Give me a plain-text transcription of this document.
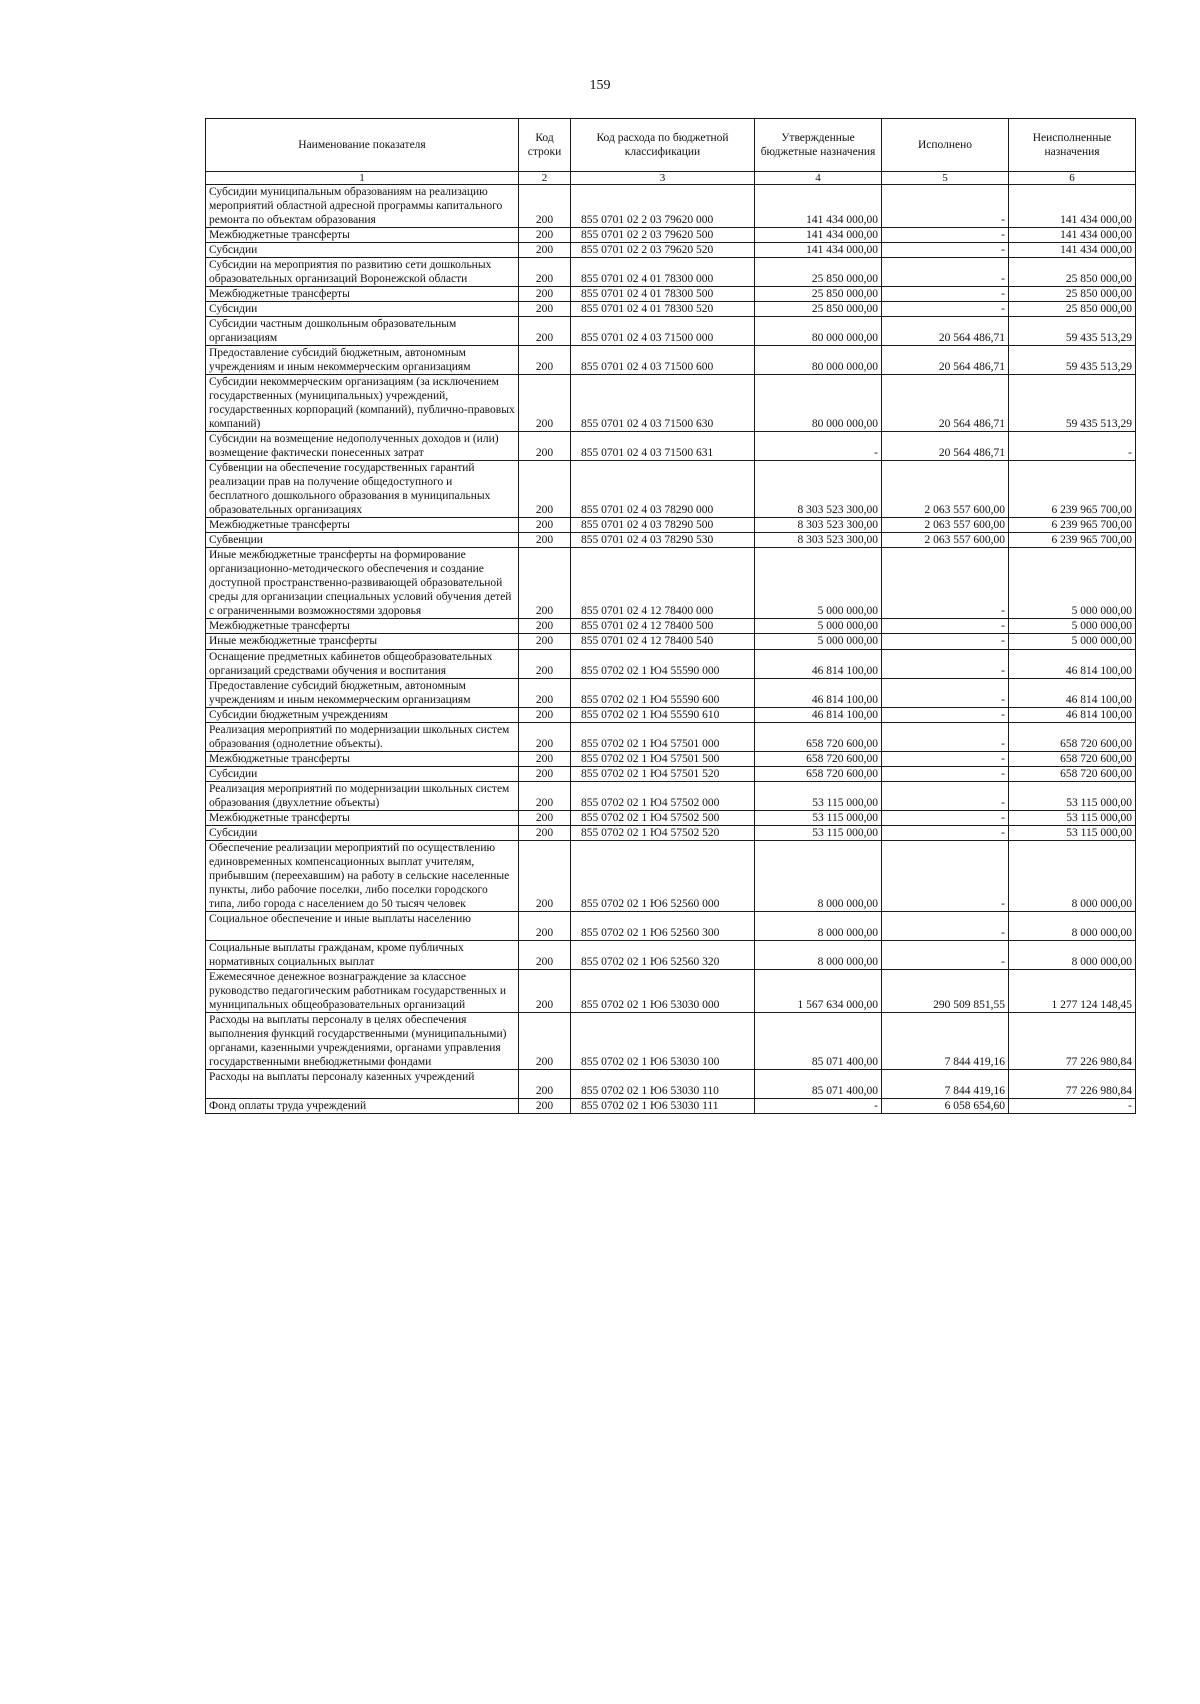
159
Наименование показателя	Код строки	Код расхода по бюджетной классификации	Утвержденные бюджетные назначения	Исполнено	Неисполненные назначения
1	2	3	4	5	6
Субсидии муниципальным образованиям на реализацию мероприятий областной адресной программы капитального ремонта по объектам образования	200	855 0701 02 2 03 79620 000	141 434 000,00	-	141 434 000,00
Межбюджетные трансферты	200	855 0701 02 2 03 79620 500	141 434 000,00	-	141 434 000,00
Субсидии	200	855 0701 02 2 03 79620 520	141 434 000,00	-	141 434 000,00
Субсидии на мероприятия по развитию сети дошкольных образовательных организаций Воронежской области	200	855 0701 02 4 01 78300 000	25 850 000,00	-	25 850 000,00
Межбюджетные трансферты	200	855 0701 02 4 01 78300 500	25 850 000,00	-	25 850 000,00
Субсидии	200	855 0701 02 4 01 78300 520	25 850 000,00	-	25 850 000,00
Субсидии частным дошкольным образовательным организациям	200	855 0701 02 4 03 71500 000	80 000 000,00	20 564 486,71	59 435 513,29
Предоставление субсидий бюджетным, автономным учреждениям и иным некоммерческим организациям	200	855 0701 02 4 03 71500 600	80 000 000,00	20 564 486,71	59 435 513,29
Субсидии некоммерческим организациям (за исключением государственных (муниципальных) учреждений, государственных корпораций (компаний), публично-правовых компаний)	200	855 0701 02 4 03 71500 630	80 000 000,00	20 564 486,71	59 435 513,29
Субсидии на возмещение недополученных доходов и (или) возмещение фактически понесенных затрат	200	855 0701 02 4 03 71500 631	-	20 564 486,71	-
Субвенции на обеспечение государственных гарантий реализации прав на получение общедоступного и бесплатного дошкольного образования в муниципальных образовательных организациях	200	855 0701 02 4 03 78290 000	8 303 523 300,00	2 063 557 600,00	6 239 965 700,00
Межбюджетные трансферты	200	855 0701 02 4 03 78290 500	8 303 523 300,00	2 063 557 600,00	6 239 965 700,00
Субвенции	200	855 0701 02 4 03 78290 530	8 303 523 300,00	2 063 557 600,00	6 239 965 700,00
Иные межбюджетные трансферты на формирование организационно-методического обеспечения и создание доступной пространственно-развивающей образовательной среды для организации специальных условий обучения детей с ограниченными возможностями здоровья	200	855 0701 02 4 12 78400 000	5 000 000,00	-	5 000 000,00
Межбюджетные трансферты	200	855 0701 02 4 12 78400 500	5 000 000,00	-	5 000 000,00
Иные межбюджетные трансферты	200	855 0701 02 4 12 78400 540	5 000 000,00	-	5 000 000,00
Оснащение предметных кабинетов общеобразовательных организаций средствами обучения и воспитания	200	855 0702 02 1 Ю4 55590 000	46 814 100,00	-	46 814 100,00
Предоставление субсидий бюджетным, автономным учреждениям и иным некоммерческим организациям	200	855 0702 02 1 Ю4 55590 600	46 814 100,00	-	46 814 100,00
Субсидии бюджетным учреждениям	200	855 0702 02 1 Ю4 55590 610	46 814 100,00	-	46 814 100,00
Реализация мероприятий по модернизации школьных систем образования (однолетние объекты).	200	855 0702 02 1 Ю4 57501 000	658 720 600,00	-	658 720 600,00
Межбюджетные трансферты	200	855 0702 02 1 Ю4 57501 500	658 720 600,00	-	658 720 600,00
Субсидии	200	855 0702 02 1 Ю4 57501 520	658 720 600,00	-	658 720 600,00
Реализация мероприятий по модернизации школьных систем образования (двухлетние объекты)	200	855 0702 02 1 Ю4 57502 000	53 115 000,00	-	53 115 000,00
Межбюджетные трансферты	200	855 0702 02 1 Ю4 57502 500	53 115 000,00	-	53 115 000,00
Субсидии	200	855 0702 02 1 Ю4 57502 520	53 115 000,00	-	53 115 000,00
Обеспечение реализации мероприятий по осуществлению единовременных компенсационных выплат учителям, прибывшим (переехавшим) на работу в сельские населенные пункты, либо рабочие поселки, либо поселки городского типа, либо города с населением до 50 тысяч человек	200	855 0702 02 1 Ю6 52560 000	8 000 000,00	-	8 000 000,00
Социальное обеспечение и иные выплаты населению	200	855 0702 02 1 Ю6 52560 300	8 000 000,00	-	8 000 000,00
Социальные выплаты гражданам, кроме публичных нормативных социальных выплат	200	855 0702 02 1 Ю6 52560 320	8 000 000,00	-	8 000 000,00
Ежемесячное денежное вознаграждение за классное руководство педагогическим работникам государственных и муниципальных общеобразовательных организаций	200	855 0702 02 1 Ю6 53030 000	1 567 634 000,00	290 509 851,55	1 277 124 148,45
Расходы на выплаты персоналу в целях обеспечения выполнения функций государственными (муниципальными) органами, казенными учреждениями, органами управления государственными внебюджетными фондами	200	855 0702 02 1 Ю6 53030 100	85 071 400,00	7 844 419,16	77 226 980,84
Расходы на выплаты персоналу казенных учреждений	200	855 0702 02 1 Ю6 53030 110	85 071 400,00	7 844 419,16	77 226 980,84
Фонд оплаты труда учреждений	200	855 0702 02 1 Ю6 53030 111	-	6 058 654,60	-
